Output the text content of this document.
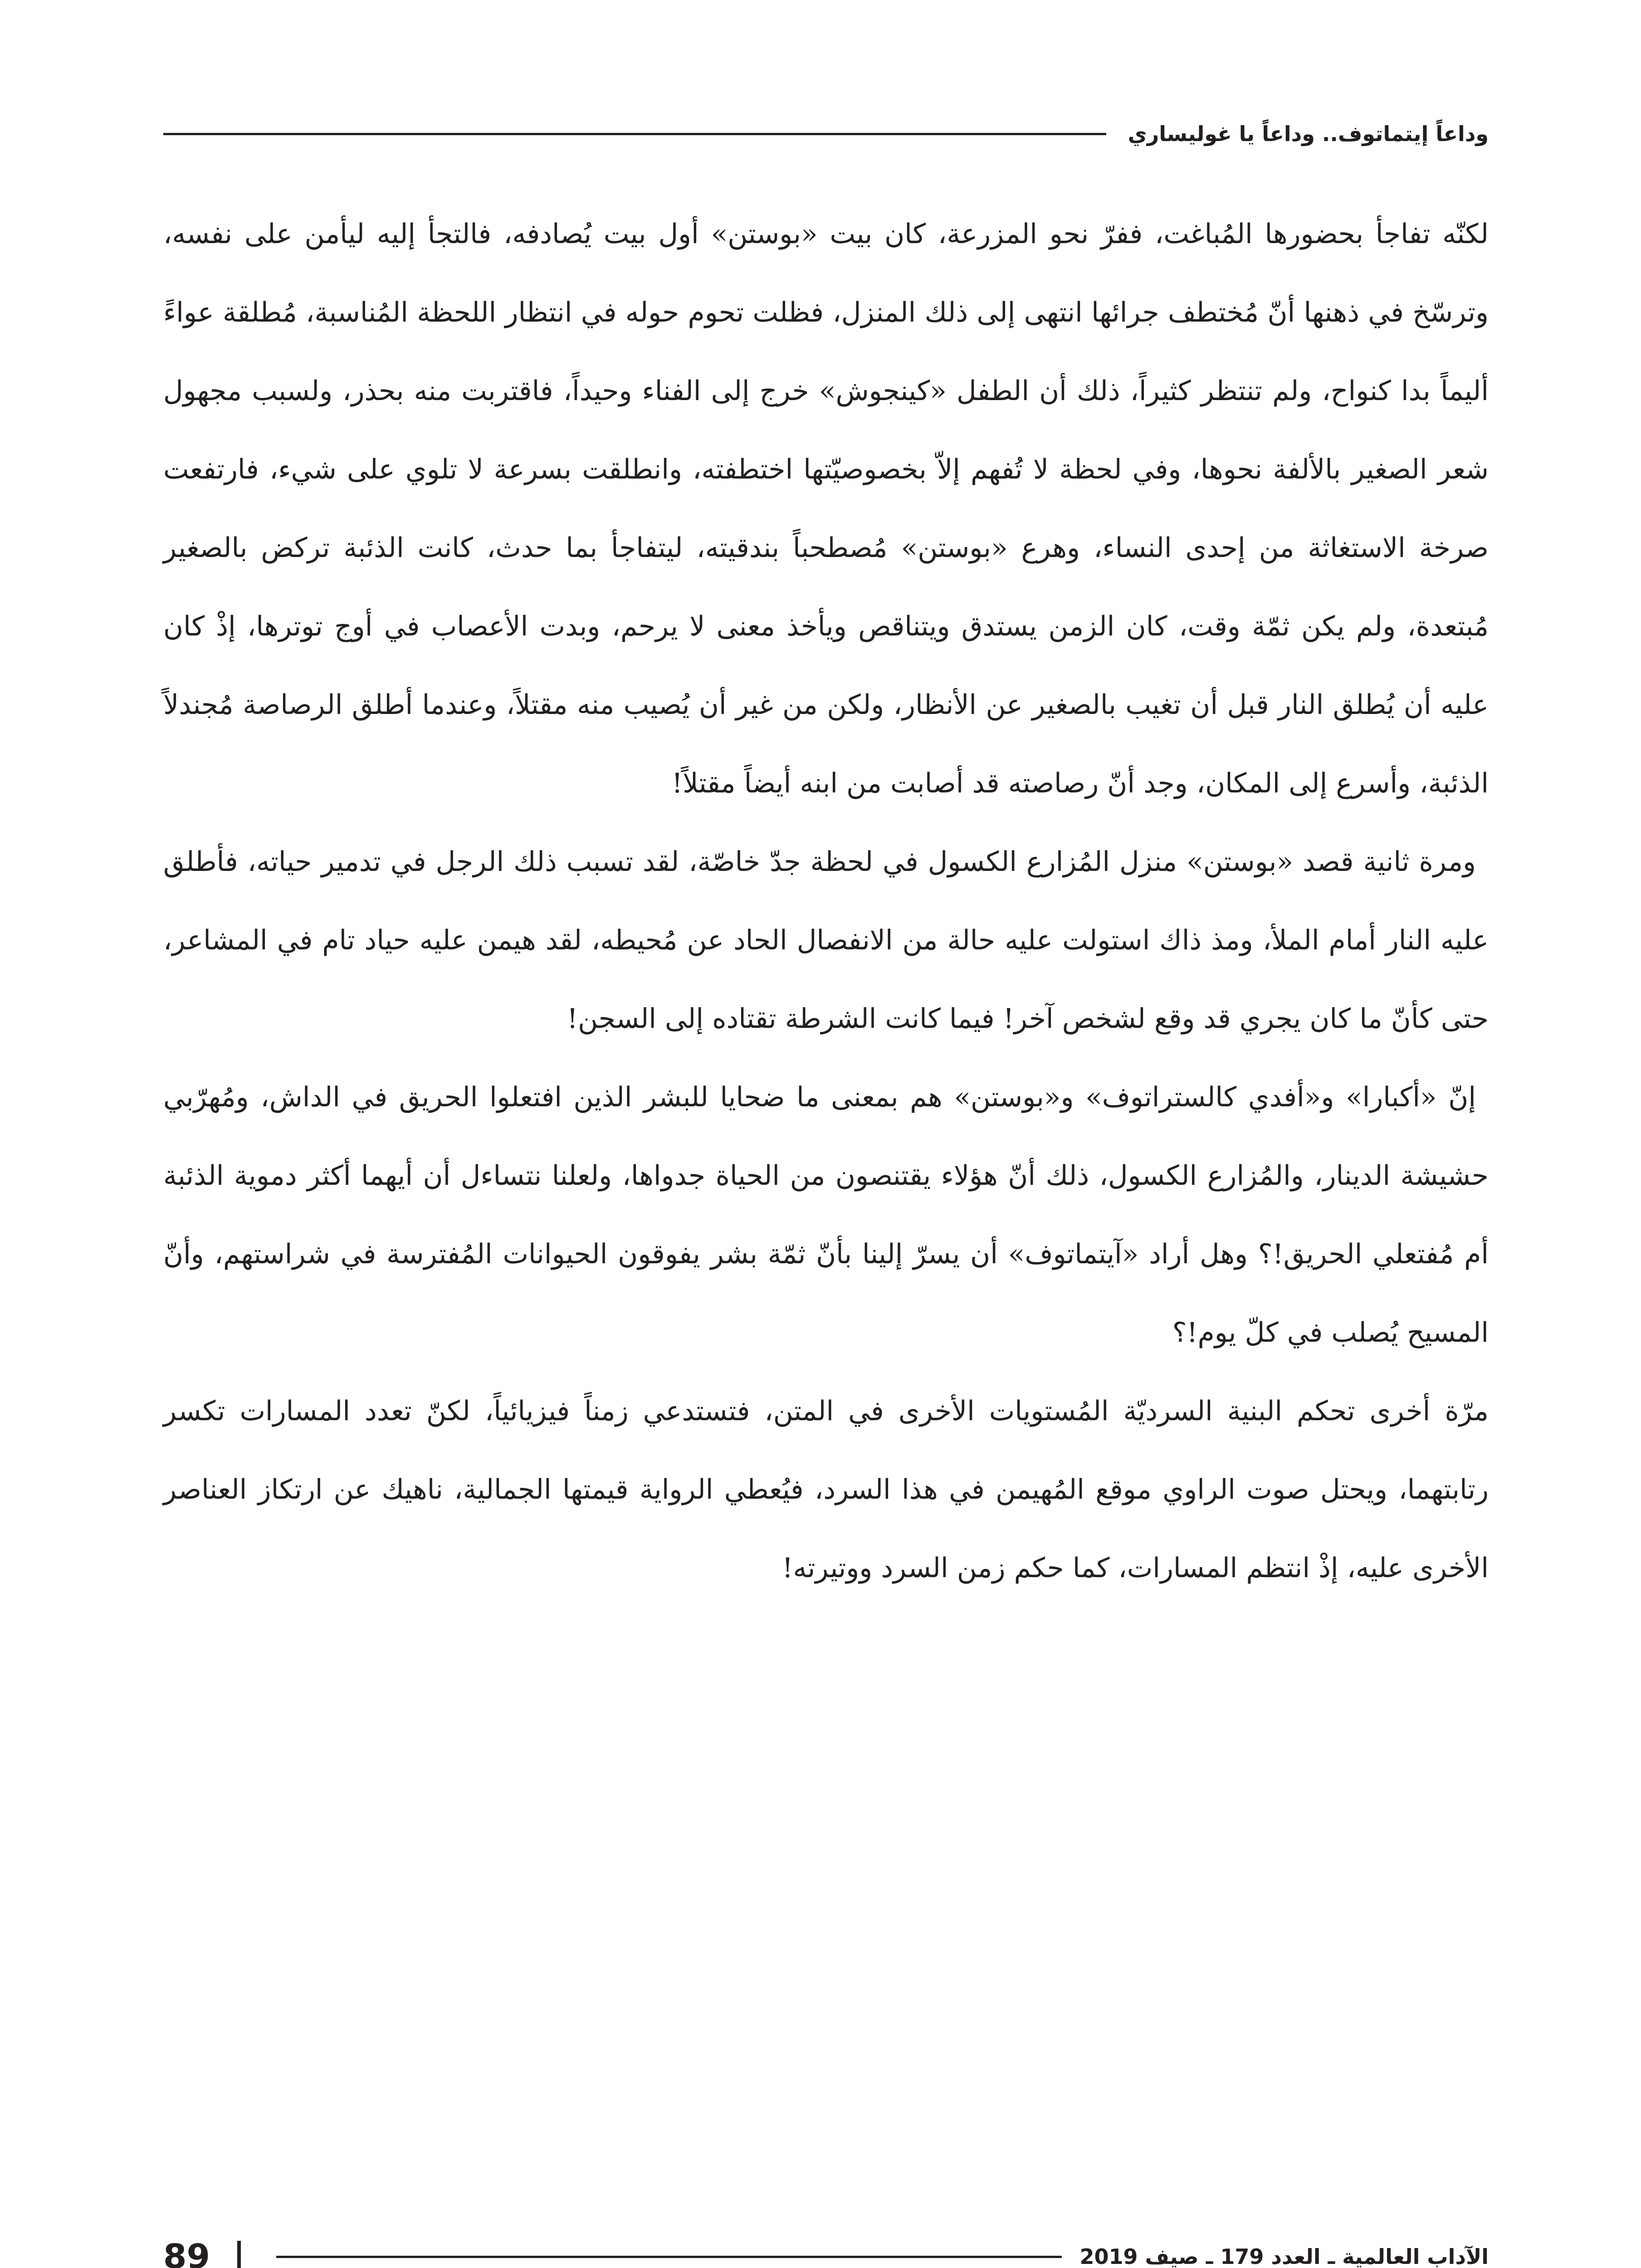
وداعاً إيتماتوف.. وداعاً يا غوليساري

لكنّه تفاجأ بحضورها المُباغت، ففرّ نحو المزرعة، كان بيت «بوستن» أول بيت يُصادفه، فالتجأ إليه ليأمن على نفسه، وترسّخ في ذهنها أنّ مُختطف جرائها انتهى إلى ذلك المنزل، فظلت تحوم حوله في انتظار اللحظة المُناسبة، مُطلقة عواءً أليماً بدا كنواح، ولم تنتظر كثيراً، ذلك أن الطفل «كينجوش» خرج إلى الفناء وحيداً، فاقتربت منه بحذر، ولسبب مجهول شعر الصغير بالألفة نحوها، وفي لحظة لا تُفهم إلاّ بخصوصيّتها اختطفته، وانطلقت بسرعة لا تلوي على شيء، فارتفعت صرخة الاستغاثة من إحدى النساء، وهرع «بوستن» مُصطحباً بندقيته، ليتفاجأ بما حدث، كانت الذئبة تركض بالصغير مُبتعدة، ولم يكن ثمّة وقت، كان الزمن يستدق ويتناقص ويأخذ معنى لا يرحم، وبدت الأعصاب في أوج توترها، إذْ كان عليه أن يُطلق النار قبل أن تغيب بالصغير عن الأنظار، ولكن من غير أن يُصيب منه مقتلاً، وعندما أطلق الرصاصة مُجندلاً الذئبة، وأسرع إلى المكان، وجد أنّ رصاصته قد أصابت من ابنه أيضاً مقتلاً!

ومرة ثانية قصد «بوستن» منزل المُزارع الكسول في لحظة جدّ خاصّة، لقد تسبب ذلك الرجل في تدمير حياته، فأطلق عليه النار أمام الملأ، ومذ ذاك استولت عليه حالة من الانفصال الحاد عن مُحيطه، لقد هيمن عليه حياد تام في المشاعر، حتى كأنّ ما كان يجري قد وقع لشخص آخر! فيما كانت الشرطة تقتاده إلى السجن!

إنّ «أكبارا» و«أفدي كالستراتوف» و«بوستن» هم بمعنى ما ضحايا للبشر الذين افتعلوا الحريق في الداش، ومُهرّبي حشيشة الدينار، والمُزارع الكسول، ذلك أنّ هؤلاء يقتنصون من الحياة جدواها، ولعلنا نتساءل أن أيهما أكثر دموية الذئبة أم مُفتعلي الحريق!؟ وهل أراد «آيتماتوف» أن يسرّ إلينا بأنّ ثمّة بشر يفوقون الحيوانات المُفترسة في شراستهم، وأنّ المسيح يُصلب في كلّ يوم!؟

مرّة أخرى تحكم البنية السرديّة المُستويات الأخرى في المتن، فتستدعي زمناً فيزيائياً، لكنّ تعدد المسارات تكسر رتابتهما، ويحتل صوت الراوي موقع المُهيمن في هذا السرد، فيُعطي الرواية قيمتها الجمالية، ناهيك عن ارتكاز العناصر الأخرى عليه، إذْ انتظم المسارات، كما حكم زمن السرد ووتيرته!

الآداب العالمية ـ العدد 179 ـ صيف 2019
89
